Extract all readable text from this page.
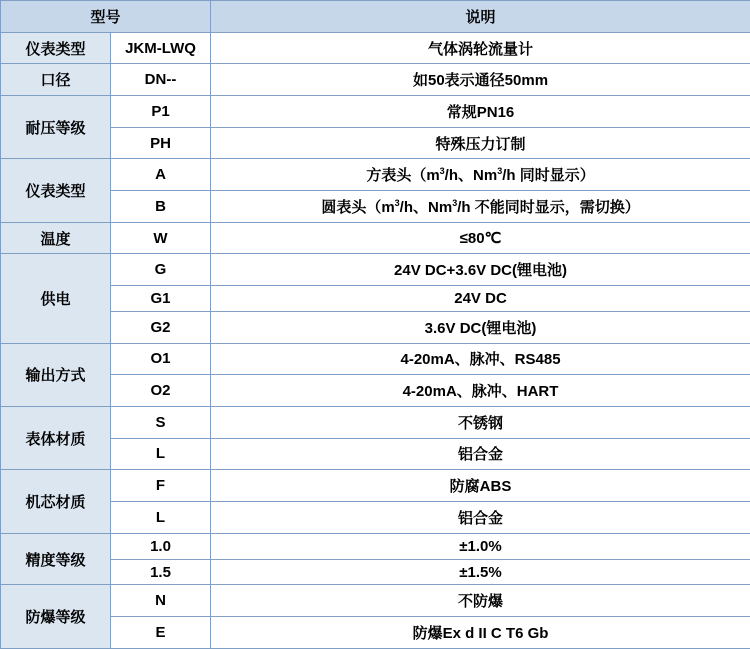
型号		说明
仪表类型	JKM-LWQ	气体涡轮流量计
口径	DN--	如50表示通径50mm
耐压等级	P1	常规PN16
	PH	特殊压力订制
仪表类型	A	方表头（$m^3/h$、Nm$^3$/h 同时显示）
	B	圆表头（$m^3/h$、Nm$^3$/h 不能同时显示，需切换）
温度	W	≤80℃
供电	G	24V DC+3.6V DC(锂电池)
	G1	24V DC
	G2	3.6V DC(锂电池)
输出方式	O1	4-20mA、脉冲、RS485
	O2	4-20mA、脉冲、HART
表体材质	S	不锈钢
	L	铝合金
机芯材质	F	防腐ABS
	L	铝合金
精度等级	1.0	±1.0%
	1.5	±1.5%
防爆等级	N	不防爆
	E	防爆Ex d II C T6 Gb
